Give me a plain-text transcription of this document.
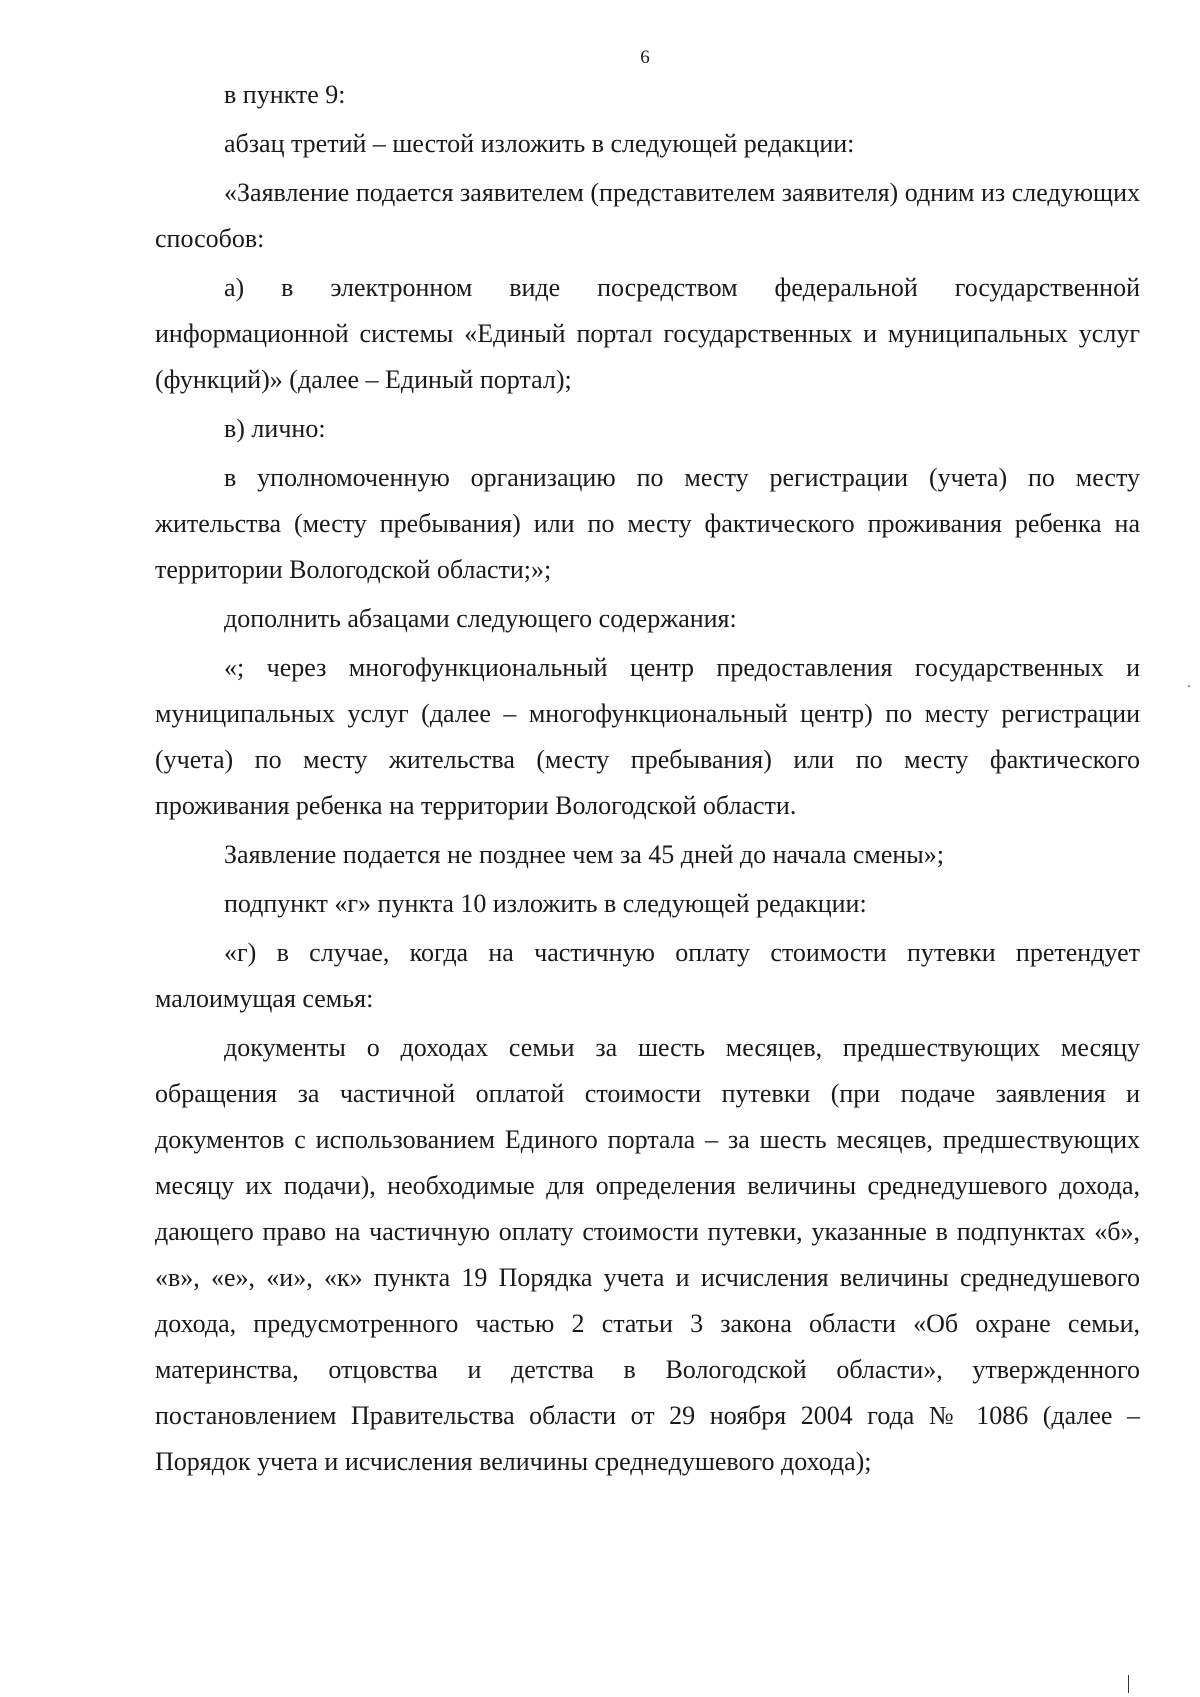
6

в пункте 9:

абзац третий – шестой изложить в следующей редакции:

«Заявление подается заявителем (представителем заявителя) одним из следующих способов:

а) в электронном виде посредством федеральной государственной информационной системы «Единый портал государственных и муниципальных услуг (функций)» (далее – Единый портал);

в) лично:

в уполномоченную организацию по месту регистрации (учета) по месту жительства (месту пребывания) или по месту фактического проживания ребенка на территории Вологодской области;»;

дополнить абзацами следующего содержания:

«; через многофункциональный центр предоставления государственных и муниципальных услуг (далее – многофункциональный центр) по месту регистрации (учета) по месту жительства (месту пребывания) или по месту фактического проживания ребенка на территории Вологодской области.

Заявление подается не позднее чем за 45 дней до начала смены»;

подпункт «г» пункта 10 изложить в следующей редакции:

«г) в случае, когда на частичную оплату стоимости путевки претендует малоимущая семья:

документы о доходах семьи за шесть месяцев, предшествующих месяцу обращения за частичной оплатой стоимости путевки (при подаче заявления и документов с использованием Единого портала – за шесть месяцев, предшествующих месяцу их подачи), необходимые для определения величины среднедушевого дохода, дающего право на частичную оплату стоимости путевки, указанные в подпунктах «б», «в», «е», «и», «к» пункта 19 Порядка учета и исчисления величины среднедушевого дохода, предусмотренного частью 2 статьи 3 закона области «Об охране семьи, материнства, отцовства и детства в Вологодской области», утвержденного постановлением Правительства области от 29 ноября 2004 года № 1086 (далее – Порядок учета и исчисления величины среднедушевого дохода);
